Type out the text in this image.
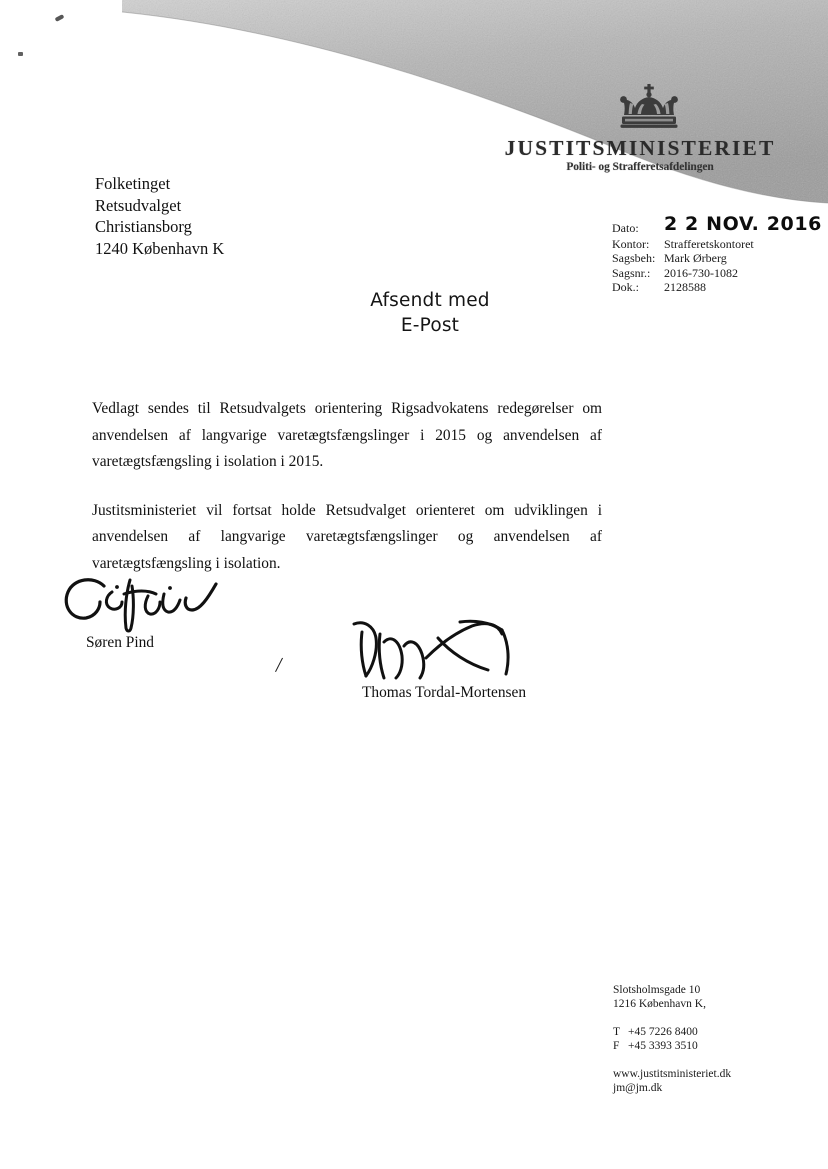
JUSTITSMINISTERIET
Politi- og Strafferetsafdelingen
Folketinget
Retsudvalget
Christiansborg
1240 København K
Dato:	2 2 NOV. 2016
Kontor:	Strafferetskontoret
Sagsbeh: Mark Ørberg
Sagsnr.:	2016-730-1082
Dok.:	2128588
Afsendt med
E-Post

Vedlagt sendes til Retsudvalgets orientering Rigsadvokatens redegørelser om anvendelsen af langvarige varetægtsfængslinger i 2015 og anvendelsen af varetægtsfængsling i isolation i 2015.

Justitsministeriet vil fortsat holde Retsudvalget orienteret om udviklingen i anvendelsen af langvarige varetægtsfængslinger og anvendelsen af varetægtsfængsling i isolation.

Søren Pind
/
Thomas Tordal-Mortensen
Slotsholmsgade 10
1216 København K,
T +45 7226 8400
F +45 3393 3510
www.justitsministeriet.dk
jm@jm.dk
